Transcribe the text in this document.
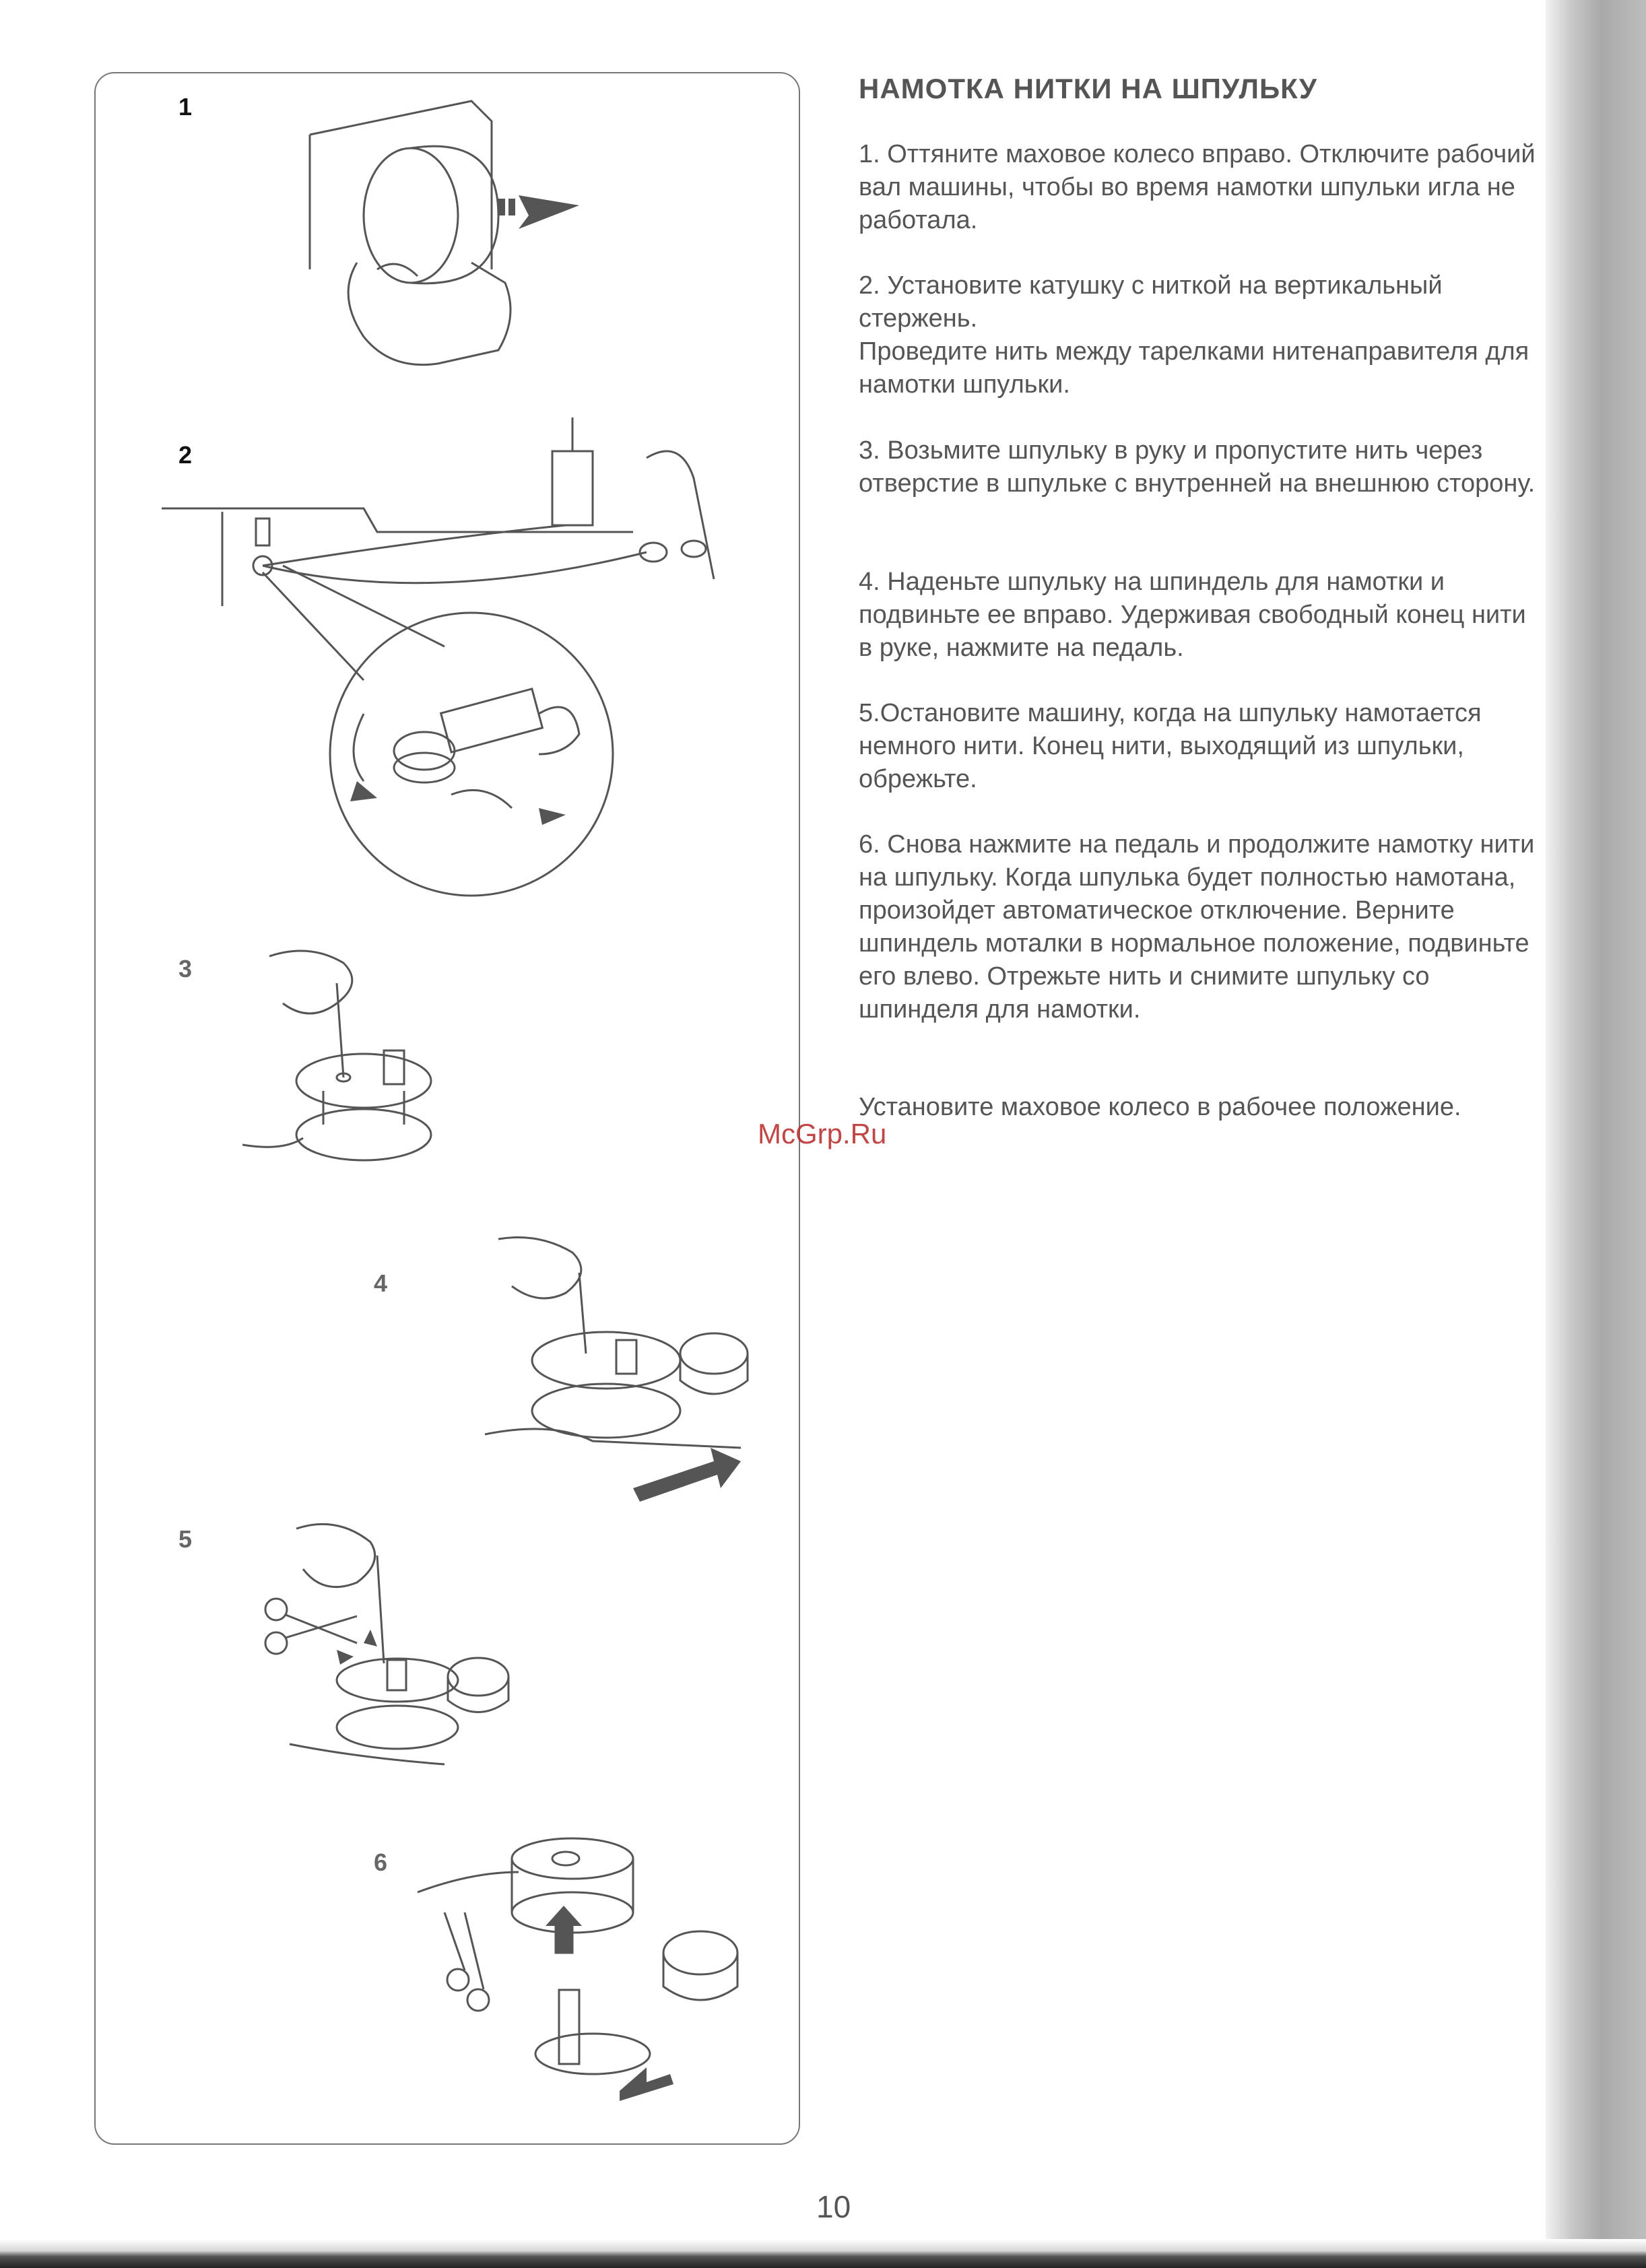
1
2
3
4
5
6
НАМОТКА НИТКИ НА ШПУЛЬКУ

1. Оттяните маховое колесо вправо. Отключите рабочий вал машины, чтобы во время намотки шпульки игла не работала.

2. Установите катушку с ниткой на вертикальный стержень.

Проведите нить между тарелками нитенаправителя для намотки шпульки.

3. Возьмите шпульку в руку и пропустите нить через отверстие в шпульке с внутренней на внешнюю сторону.

4. Наденьте шпульку на шпиндель для намотки и подвиньте ее вправо. Удерживая свободный конец нити в руке, нажмите на педаль.

5.Остановите машину, когда на шпульку намотается немного нити. Конец нити, выходящий из шпульки, обрежьте.

6. Снова нажмите на педаль и продолжите намотку нити на шпульку. Когда шпулька будет полностью намотана, произойдет автоматическое отключение. Верните шпиндель моталки в нормальное положение, подвиньте его влево. Отрежьте нить и снимите шпульку со шпинделя для намотки.

Установите маховое колесо в рабочее положение.

McGrp.Ru
10
